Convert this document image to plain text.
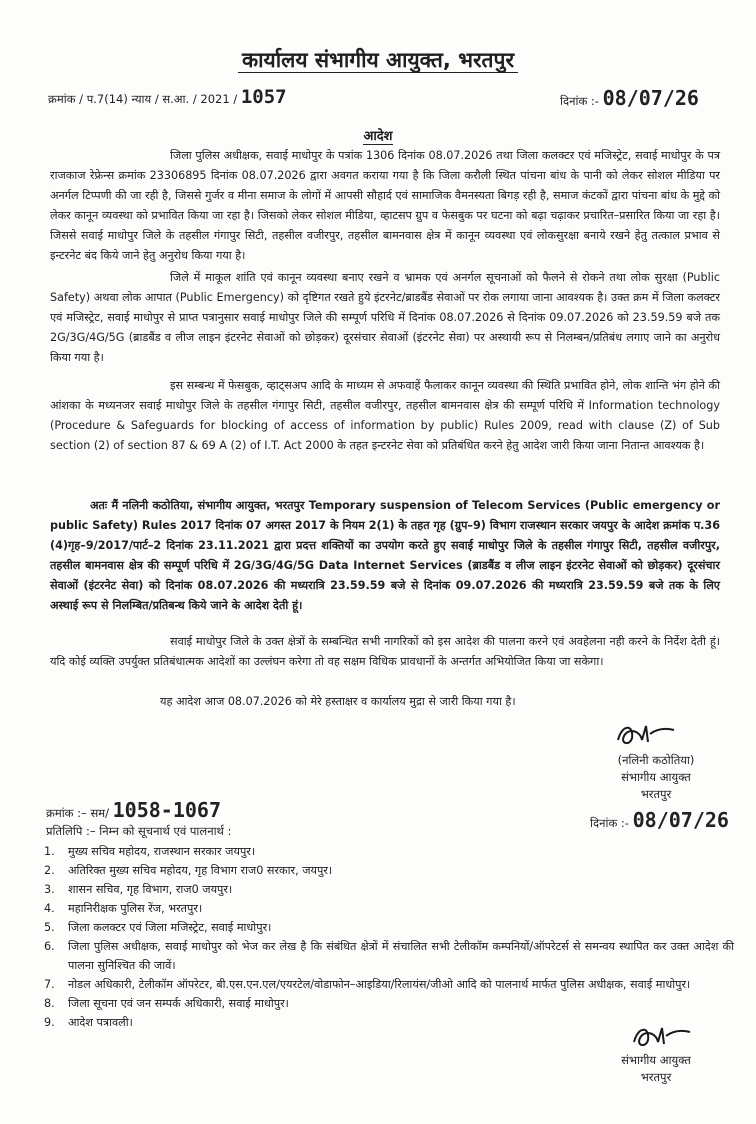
कार्यालय संभागीय आयुक्त, भरतपुर
क्रमांक / प.7(14) न्याय / स.आ. / 2021 / 1057	दिनांक :- 08/07/26
आदेश
जिला पुलिस अधीक्षक, सवाई माधोपुर के पत्रांक 1306 दिनांक 08.07.2026 तथा जिला कलक्टर एवं मजिस्ट्रेट, सवाई माधोपुर के पत्र राजकाज रेफ्रेन्स क्रमांक 23306895 दिनांक 08.07.2026 द्वारा अवगत कराया गया है कि जिला करौली स्थित पांचना बांध के पानी को लेकर सोशल मीडिया पर अनर्गल टिप्पणी की जा रही है, जिससे गुर्जर व मीना समाज के लोगों में आपसी सौहार्द एवं सामाजिक वैमनस्यता बिगड़ रही है, समाज कंटकों द्वारा पांचना बांध के मुद्दे को लेकर कानून व्यवस्था को प्रभावित किया जा रहा है। जिसको लेकर सोशल मीडिया, व्हाटसप ग्रुप व फेसबुक पर घटना को बढ़ा चढ़ाकर प्रचारित–प्रसारित किया जा रहा है। जिससे सवाई माधोपुर जिले के तहसील गंगापुर सिटी, तहसील वजीरपुर, तहसील बामनवास क्षेत्र में कानून व्यवस्था एवं लोकसुरक्षा बनाये रखने हेतु तत्काल प्रभाव से इन्टरनेट बंद किये जाने हेतु अनुरोध किया गया है।
जिले में माकूल शांति एवं कानून व्यवस्था बनाए रखने व भ्रामक एवं अनर्गल सूचनाओं को फैलने से रोकने तथा लोक सुरक्षा (Public Safety) अथवा लोक आपात (Public Emergency) को दृष्टिगत रखते हुये इंटरनेट/ब्राडबैंड सेवाओं पर रोक लगाया जाना आवश्यक है। उक्त क्रम में जिला कलक्टर एवं मजिस्ट्रेट, सवाई माधोपुर से प्राप्त पत्रानुसार सवाई माधोपुर जिले की सम्पूर्ण परिधि में दिनांक 08.07.2026 से दिनांक 09.07.2026 को 23.59.59 बजे तक 2G/3G/4G/5G (ब्राडबैंड व लीज लाइन इंटरनेट सेवाओं को छोड़कर) दूरसंचार सेवाओं (इंटरनेट सेवा) पर अस्थायी रूप से निलम्बन/प्रतिबंध लगाए जाने का अनुरोध किया गया है।
इस सम्बन्ध में फेसबुक, व्हाट्सअप आदि के माध्यम से अफवाहें फैलाकर कानून व्यवस्था की स्थिति प्रभावित होने, लोक शान्ति भंग होने की आंशका के मध्यनजर सवाई माधोपुर जिले के तहसील गंगापुर सिटी, तहसील वजीरपुर, तहसील बामनवास क्षेत्र की सम्पूर्ण परिधि में Information technology (Procedure & Safeguards for blocking of access of information by public) Rules 2009, read with clause (Z) of Sub section (2) of section 87 & 69 A (2) of I.T. Act 2000 के तहत इन्टरनेट सेवा को प्रतिबंधित करने हेतु आदेश जारी किया जाना नितान्त आवश्यक है।
अतः मैं नलिनी कठोतिया, संभागीय आयुक्त, भरतपुर Temporary suspension of Telecom Services (Public emergency or public Safety) Rules 2017 दिनांक 07 अगस्त 2017 के नियम 2(1) के तहत गृह (ग्रुप–9) विभाग राजस्थान सरकार जयपुर के आदेश क्रमांक प.36 (4)गृह–9/2017/पार्ट–2 दिनांक 23.11.2021 द्वारा प्रदत्त शक्तियों का उपयोग करते हुए सवाई माधोपुर जिले के तहसील गंगापुर सिटी, तहसील वजीरपुर, तहसील बामनवास क्षेत्र की सम्पूर्ण परिधि में 2G/3G/4G/5G Data Internet Services (ब्राडबैंड व लीज लाइन इंटरनेट सेवाओं को छोड़कर) दूरसंचार सेवाओं (इंटरनेट सेवा) को दिनांक 08.07.2026 की मध्यरात्रि 23.59.59 बजे से दिनांक 09.07.2026 की मध्यरात्रि 23.59.59 बजे तक के लिए अस्थाई रूप से निलम्बित/प्रतिबन्ध किये जाने के आदेश देती हूं।
सवाई माधोपुर जिले के उक्त क्षेत्रों के सम्बन्धित सभी नागरिकों को इस आदेश की पालना करने एवं अवहेलना नही करने के निर्देश देती हूं। यदि कोई व्यक्ति उपर्युक्त प्रतिबंधात्मक आदेशों का उल्लंघन करेगा तो वह सक्षम विधिक प्रावधानों के अन्तर्गत अभियोजित किया जा सकेगा।
यह आदेश आज 08.07.2026 को मेरे हस्ताक्षर व कार्यालय मुद्रा से जारी किया गया है।
(नलिनी कठोतिया)
संभागीय आयुक्त
भरतपुर
क्रमांक :– सम/ 1058-1067
दिनांक :- 08/07/26
प्रतिलिपि :– निम्न को सूचनार्थ एवं पालनार्थ :
1.	मुख्य सचिव महोदय, राजस्थान सरकार जयपुर।
2.	अतिरिक्त मुख्य सचिव महोदय, गृह विभाग राज0 सरकार, जयपुर।
3.	शासन सचिव, गृह विभाग, राज0 जयपुर।
4.	महानिरीक्षक पुलिस रेंज, भरतपुर।
5.	जिला कलक्टर एवं जिला मजिस्ट्रेट, सवाई माधोपुर।
6.	जिला पुलिस अधीक्षक, सवाई माधोपुर को भेज कर लेख है कि संबंधित क्षेत्रों में संचालित सभी टेलीकॉम कम्पनियों/ऑपरेटर्स से समन्वय स्थापित कर उक्त आदेश की पालना सुनिश्चित की जावें।
7.	नोडल अधिकारी, टेलीकॉम ऑपरेटर, बी.एस.एन.एल/एयरटेल/वोडाफोन–आइडिया/रिलायंस/जीओ आदि को पालनार्थ मार्फत पुलिस अधीक्षक, सवाई माधोपुर।
8.	जिला सूचना एवं जन सम्पर्क अधिकारी, सवाई माधोपुर।
9.	आदेश पत्रावली।
संभागीय आयुक्त
भरतपुर
